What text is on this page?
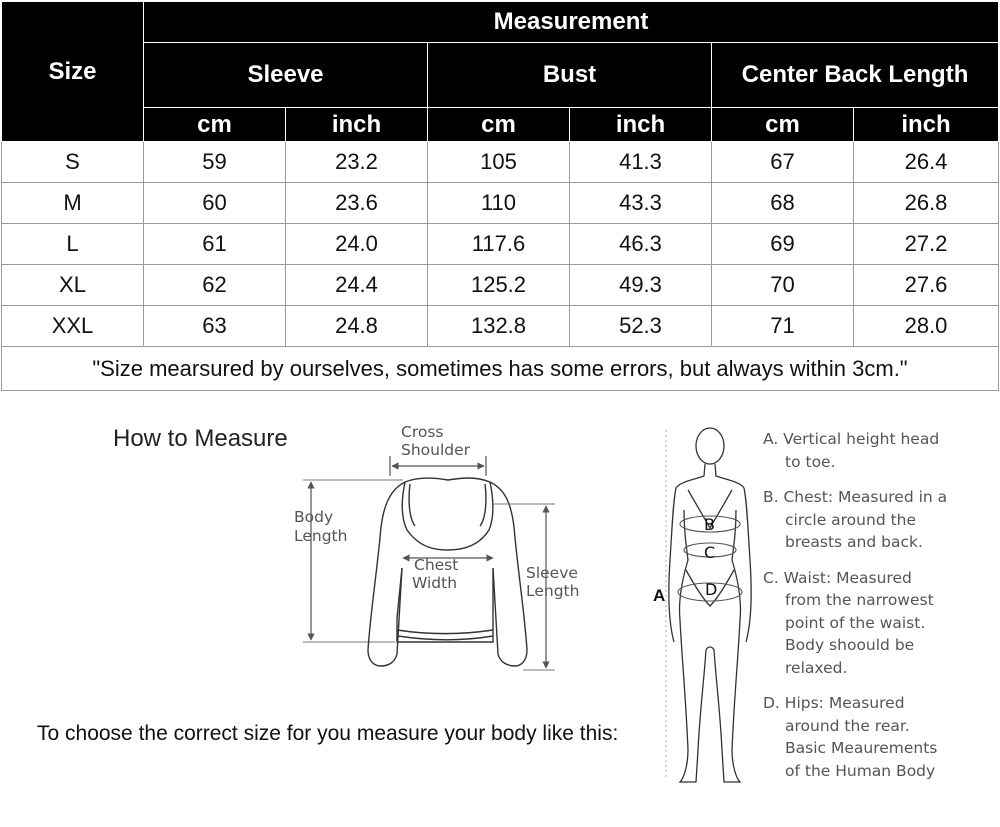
Size	Measurement					
	Sleeve		Bust		Center Back Length	
	cm	inch	cm	inch	cm	inch
S	59	23.2	105	41.3	67	26.4
M	60	23.6	110	43.3	68	26.8
L	61	24.0	117.6	46.3	69	27.2
XL	62	24.4	125.2	49.3	70	27.6
XXL	63	24.8	132.8	52.3	71	28.0
"Size mearsured by ourselves, sometimes has some errors, but always within 3cm."						
How to Measure
To choose the correct size for you measure your body like this:
Cross
Shoulder
Body
Length
Chest
Width
Sleeve
Length	A
B
C
D
A. Vertical height head
to toe.
B. Chest: Measured in a
circle around the
breasts and back.
C. Waist: Measured
from the narrowest
point of the waist.
Body shoould be
relaxed.
D. Hips: Measured
around the rear.
Basic Meaurements
of the Human Body
